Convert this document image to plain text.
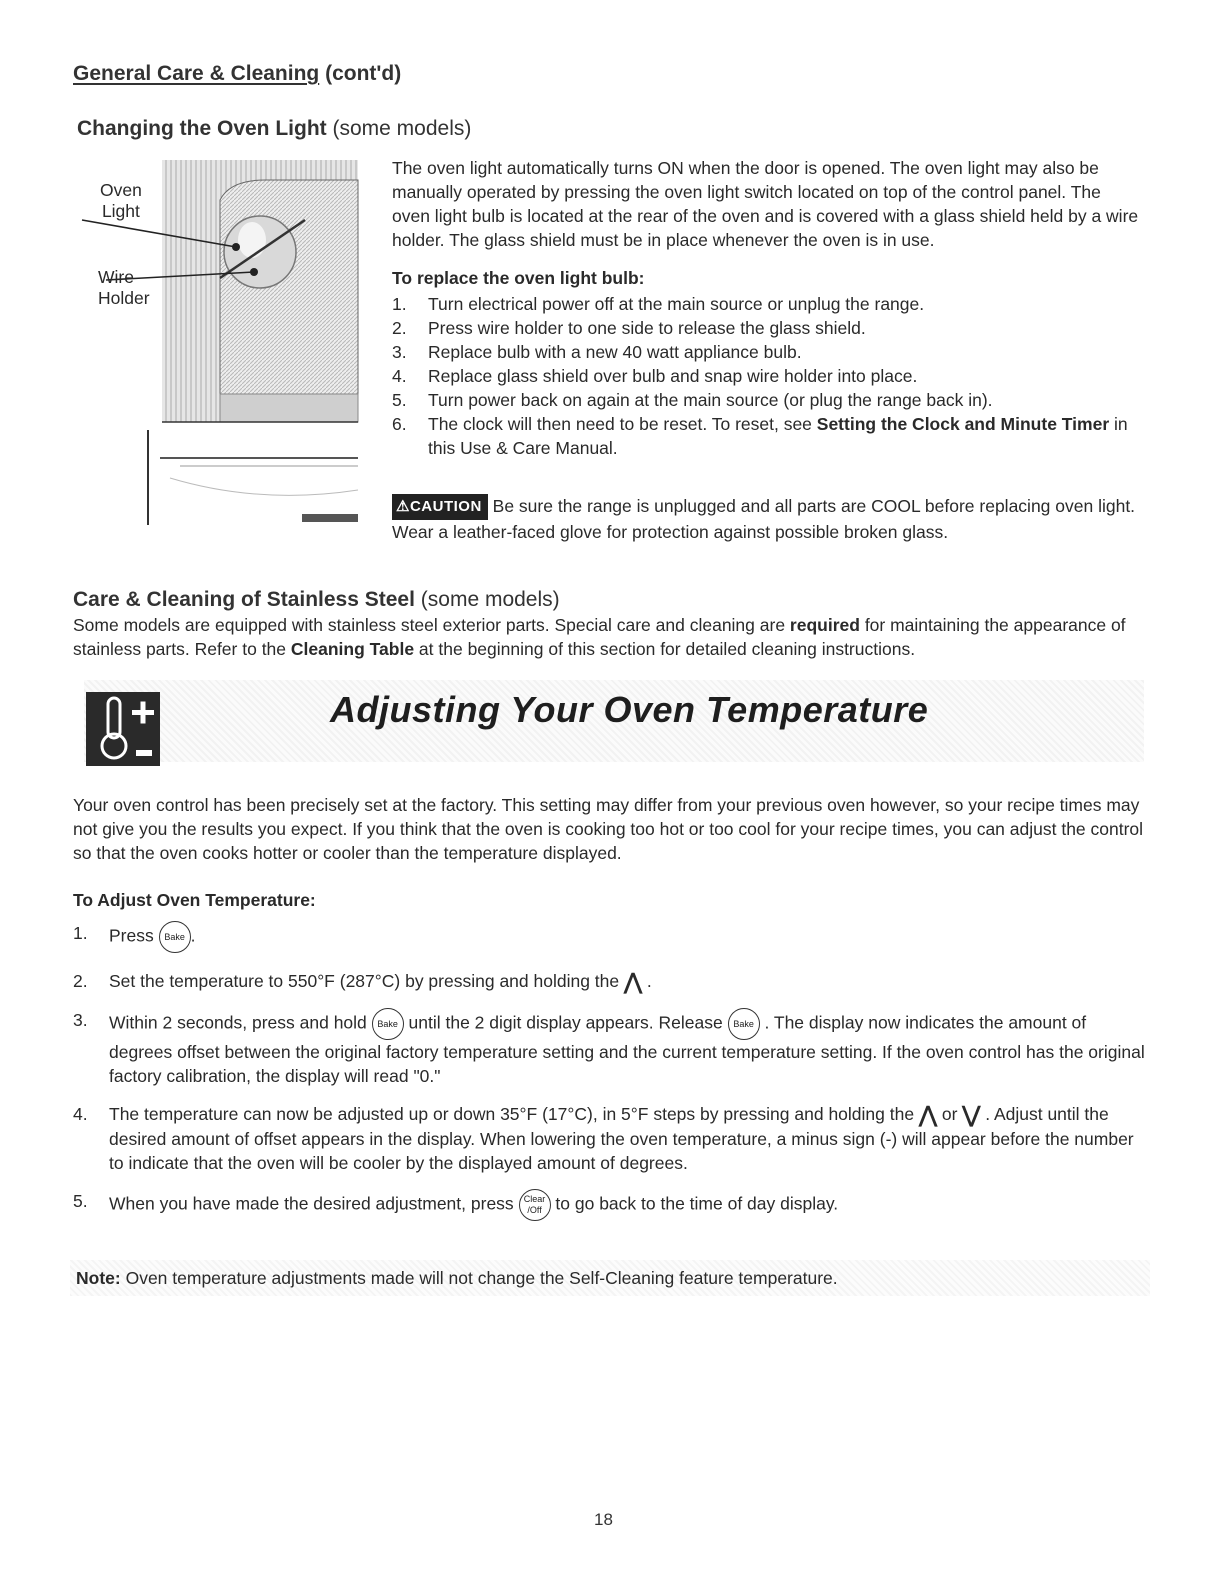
General Care & Cleaning (cont'd)
Changing the Oven Light (some models)
Oven
Light
Wire
Holder

The oven light automatically turns ON when the door is opened. The oven light may also be manually operated by pressing the oven light switch located on top of the control panel. The oven light bulb is located at the rear of the oven and is covered with a glass shield held by a wire holder. The glass shield must be in place whenever the oven is in use.

To replace the oven light bulb:
1. Turn electrical power off at the main source or unplug the range.
2. Press wire holder to one side to release the glass shield.
3. Replace bulb with a new 40 watt appliance bulb.
4. Replace glass shield over bulb and snap wire holder into place.
5. Turn power back on again at the main source (or plug the range back in).
6. The clock will then need to be reset. To reset, see Setting the Clock and Minute Timer in this Use & Care Manual.

⚠CAUTION Be sure the range is unplugged and all parts are COOL before replacing oven light. Wear a leather-faced glove for protection against possible broken glass.

Care & Cleaning of Stainless Steel (some models)

Some models are equipped with stainless steel exterior parts. Special care and cleaning are required for maintaining the appearance of stainless parts. Refer to the Cleaning Table at the beginning of this section for detailed cleaning instructions.

Adjusting Your Oven Temperature

Your oven control has been precisely set at the factory. This setting may differ from your previous oven however, so your recipe times may not give you the results you expect. If you think that the oven is cooking too hot or too cool for your recipe times, you can adjust the control so that the oven cooks hotter or cooler than the temperature displayed.

To Adjust Oven Temperature:
1. Press Bake .
2. Set the temperature to 550°F (287°C) by pressing and holding the ⋀ .
3. Within 2 seconds, press and hold Bake until the 2 digit display appears. Release Bake . The display now indicates the amount of degrees offset between the original factory temperature setting and the current temperature setting. If the oven control has the original factory calibration, the display will read "0."
4. The temperature can now be adjusted up or down 35°F (17°C), in 5°F steps by pressing and holding the ⋀ or ⋁ . Adjust until the desired amount of offset appears in the display. When lowering the oven temperature, a minus sign (-) will appear before the number to indicate that the oven will be cooler by the displayed amount of degrees.
5. When you have made the desired adjustment, press Clear
/Off to go back to the time of day display.
Note: Oven temperature adjustments made will not change the Self-Cleaning feature temperature.
18
